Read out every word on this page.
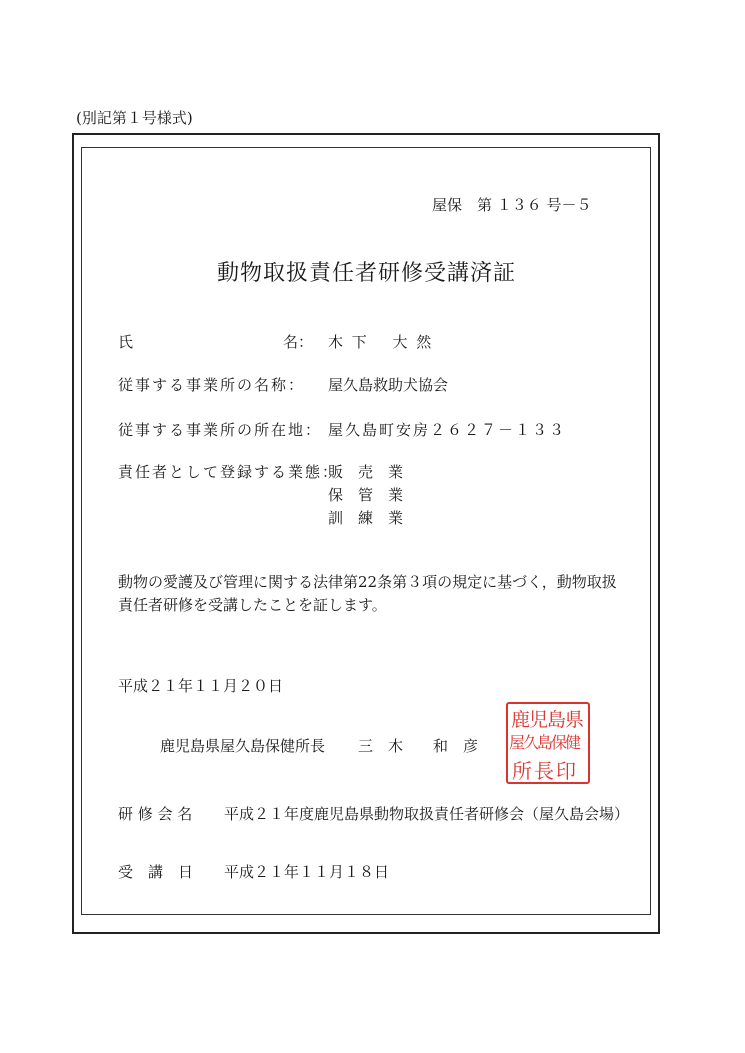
(別記第１号様式)
屋保　第 １３６ 号－５
動物取扱責任者研修受講済証
氏	名： 木 下　 大 然
従事する事業所の名称： 屋久島救助犬協会
従事する事業所の所在地： 屋久島町安房２６２７－１３３
責任者として登録する業態：
販　売　業
保　管　業
訓　練　業
動物の愛護及び管理に関する法律第22条第３項の規定に基づく，動物取扱
責任者研修を受講したことを証します。
平成２１年１１月２０日
鹿児島県屋久島保健所長 三　木　　和　彦
鹿児島県
屋久島保健
所長印
研 修 会 名 平成２１年度鹿児島県動物取扱責任者研修会（屋久島会場）
受　講　日 平成２１年１１月１８日
